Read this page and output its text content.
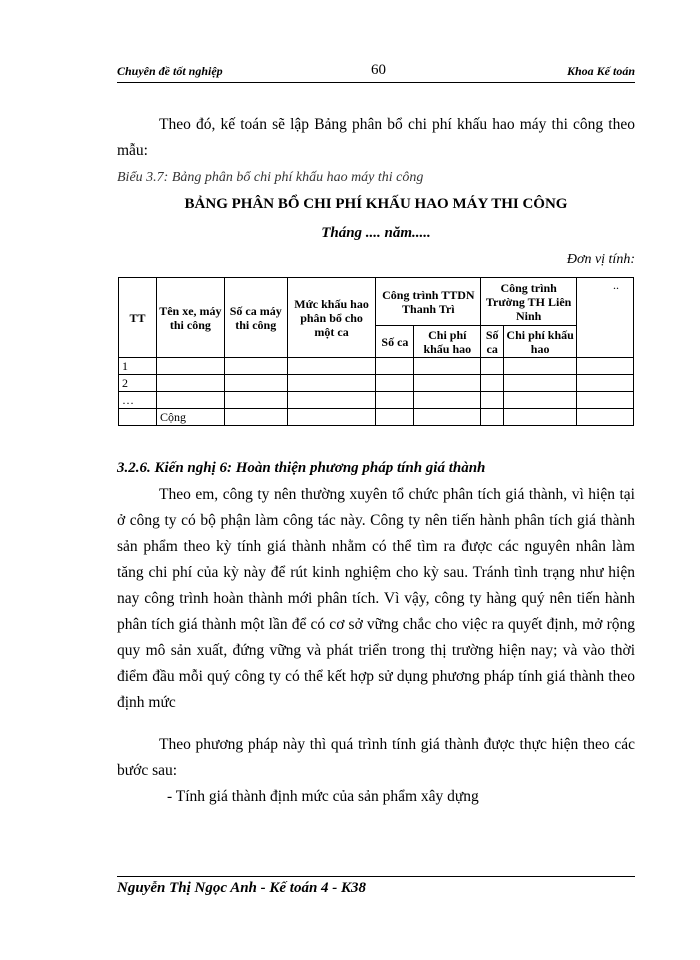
Chuyên đề tốt nghiệp	60	Khoa Kế toán
Theo đó, kế toán sẽ lập Bảng phân bổ chi phí khấu hao máy thi công theo mẫu:
Biểu 3.7: Bảng phân bổ chi phí khấu hao máy thi công
BẢNG PHÂN BỔ CHI PHÍ KHẤU HAO MÁY THI CÔNG
Tháng .... năm.....
Đơn vị tính:
TT	Tên xe, máy thi công	Số ca máy thi công	Mức khấu hao phân bổ cho một ca	Công trình TTDN Thanh Trì		Công trình Trường TH Liên Ninh		..
				Số ca	Chi phí khấu hao	Số ca	Chi phí khấu hao	
1								
2								
…								
	Cộng							
3.2.6. Kiến nghị 6: Hoàn thiện phương pháp tính giá thành
Theo em, công ty nên thường xuyên tổ chức phân tích giá thành, vì hiện tại ở công ty có bộ phận làm công tác này. Công ty nên tiến hành phân tích giá thành sản phẩm theo kỳ tính giá thành nhằm có thể tìm ra được các nguyên nhân làm tăng chi phí của kỳ này để rút kinh nghiệm cho kỳ sau. Tránh tình trạng như hiện nay công trình hoàn thành mới phân tích. Vì vậy, công ty hàng quý nên tiến hành phân tích giá thành một lần để có cơ sở vững chắc cho việc ra quyết định, mở rộng quy mô sản xuất, đứng vững và phát triển trong thị trường hiện nay; và vào thời điểm đầu mỗi quý công ty có thể kết hợp sử dụng phương pháp tính giá thành theo định mức
Theo phương pháp này thì quá trình tính giá thành được thực hiện theo các bước sau:
- Tính giá thành định mức của sản phẩm xây dựng
Nguyễn Thị Ngọc Anh - Kế toán 4 - K38
